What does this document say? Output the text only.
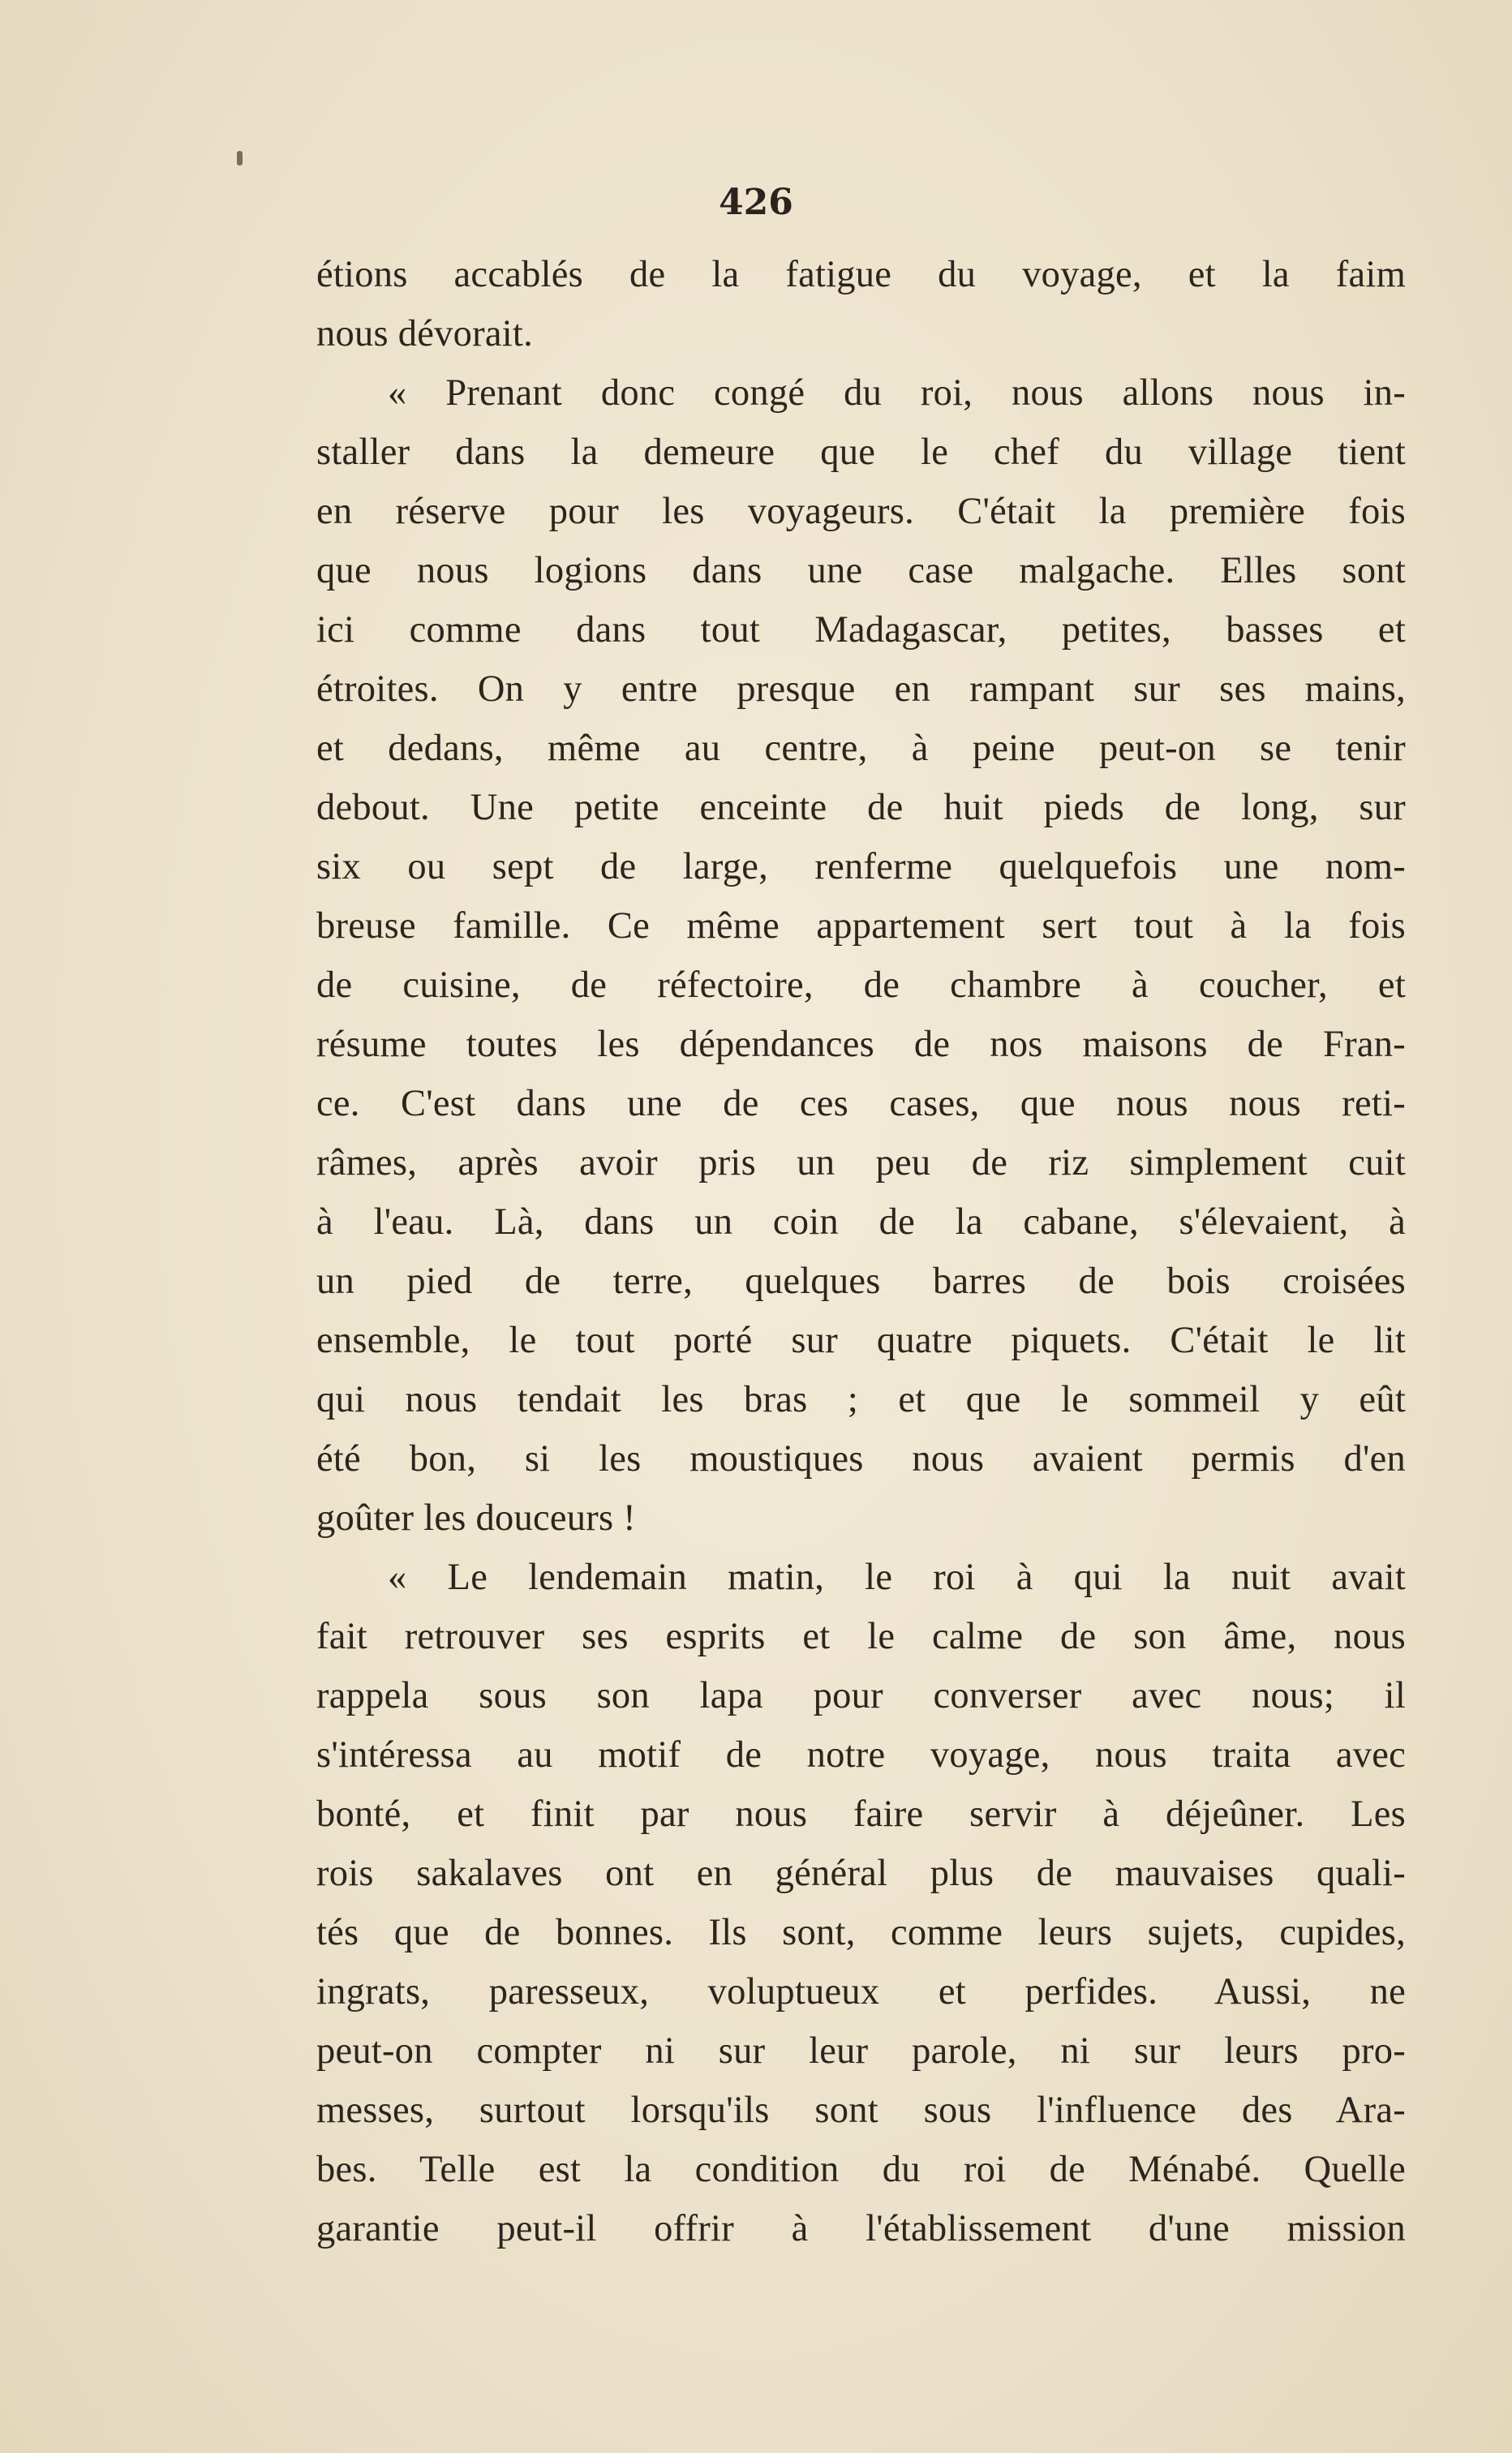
426
étions accablés de la fatigue du voyage, et la faim
nous dévorait.
« Prenant donc congé du roi, nous allons nous in-
staller dans la demeure que le chef du village tient
en réserve pour les voyageurs. C'était la première fois
que nous logions dans une case malgache. Elles sont
ici comme dans tout Madagascar, petites, basses et
étroites. On y entre presque en rampant sur ses mains,
et dedans, même au centre, à peine peut-on se tenir
debout. Une petite enceinte de huit pieds de long, sur
six ou sept de large, renferme quelquefois une nom-
breuse famille. Ce même appartement sert tout à la fois
de cuisine, de réfectoire, de chambre à coucher, et
résume toutes les dépendances de nos maisons de Fran-
ce. C'est dans une de ces cases, que nous nous reti-
râmes, après avoir pris un peu de riz simplement cuit
à l'eau. Là, dans un coin de la cabane, s'élevaient, à
un pied de terre, quelques barres de bois croisées
ensemble, le tout porté sur quatre piquets. C'était le lit
qui nous tendait les bras ; et que le sommeil y eût
été bon, si les moustiques nous avaient permis d'en
goûter les douceurs !
« Le lendemain matin, le roi à qui la nuit avait
fait retrouver ses esprits et le calme de son âme, nous
rappela sous son lapa pour converser avec nous; il
s'intéressa au motif de notre voyage, nous traita avec
bonté, et finit par nous faire servir à déjeûner. Les
rois sakalaves ont en général plus de mauvaises quali-
tés que de bonnes. Ils sont, comme leurs sujets, cupides,
ingrats, paresseux, voluptueux et perfides. Aussi, ne
peut-on compter ni sur leur parole, ni sur leurs pro-
messes, surtout lorsqu'ils sont sous l'influence des Ara-
bes. Telle est la condition du roi de Ménabé. Quelle
garantie peut-il offrir à l'établissement d'une mission
